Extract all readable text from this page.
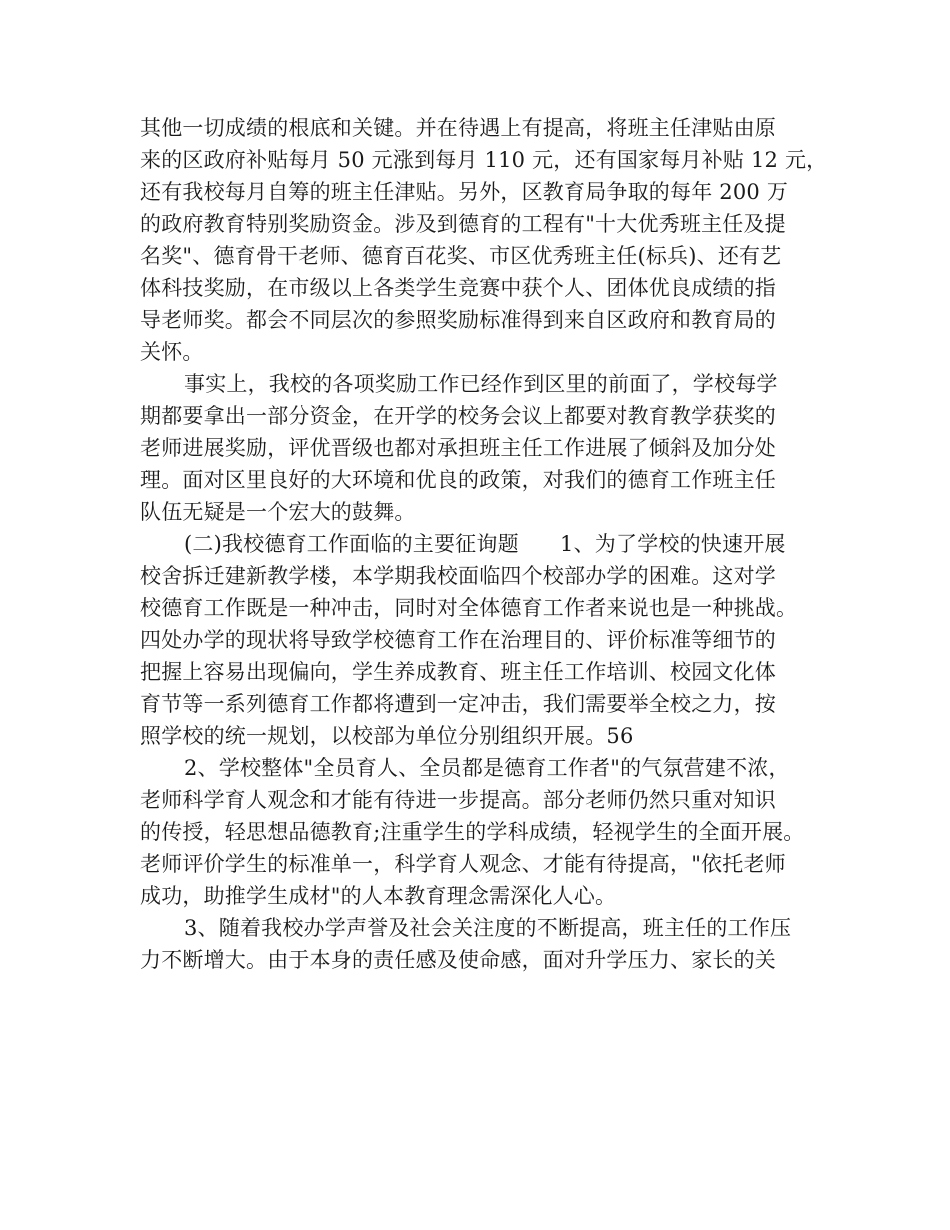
其他一切成绩的根底和关键。并在待遇上有提高，将班主任津贴由原
来的区政府补贴每月 50 元涨到每月 110 元，还有国家每月补贴 12 元，
还有我校每月自筹的班主任津贴。另外，区教育局争取的每年 200 万
的政府教育特别奖励资金。涉及到德育的工程有"十大优秀班主任及提
名奖"、德育骨干老师、德育百花奖、市区优秀班主任(标兵)、还有艺
体科技奖励，在市级以上各类学生竞赛中获个人、团体优良成绩的指
导老师奖。都会不同层次的参照奖励标准得到来自区政府和教育局的
关怀。
事实上，我校的各项奖励工作已经作到区里的前面了，学校每学
期都要拿出一部分资金，在开学的校务会议上都要对教育教学获奖的
老师进展奖励，评优晋级也都对承担班主任工作进展了倾斜及加分处
理。面对区里良好的大环境和优良的政策，对我们的德育工作班主任
队伍无疑是一个宏大的鼓舞。
(二)我校德育工作面临的主要征询题      1、为了学校的快速开展
校舍拆迁建新教学楼，本学期我校面临四个校部办学的困难。这对学
校德育工作既是一种冲击，同时对全体德育工作者来说也是一种挑战。
四处办学的现状将导致学校德育工作在治理目的、评价标准等细节的
把握上容易出现偏向，学生养成教育、班主任工作培训、校园文化体
育节等一系列德育工作都将遭到一定冲击，我们需要举全校之力，按
照学校的统一规划，以校部为单位分别组织开展。56
2、学校整体"全员育人、全员都是德育工作者"的气氛营建不浓，
老师科学育人观念和才能有待进一步提高。部分老师仍然只重对知识
的传授，轻思想品德教育;注重学生的学科成绩，轻视学生的全面开展。
老师评价学生的标准单一，科学育人观念、才能有待提高，"依托老师
成功，助推学生成材"的人本教育理念需深化人心。
3、随着我校办学声誉及社会关注度的不断提高，班主任的工作压
力不断增大。由于本身的责任感及使命感，面对升学压力、家长的关
